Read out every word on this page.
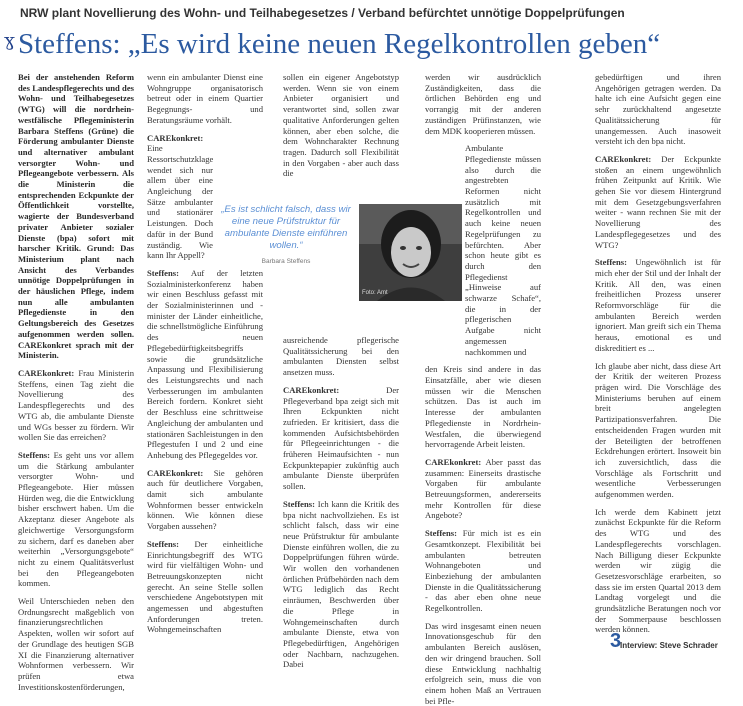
NRW plant Novellierung des Wohn- und Teilhabegesetzes / Verband befürchtet unnötige Doppelprüfungen
ɣ Steffens: „Es wird keine neuen Regelkontrollen geben“

Bei der anstehenden Reform des Landespflegerechts und des Wohn- und Teilhabegesetzes (WTG) will die nordrhein-westfälische Pflegeministerin Barbara Steffens (Grüne) die Förderung ambulanter Dienste und alternativer ambulant versorgter Wohn- und Pflegeangebote verbessern. Als die Ministerin die entsprechenden Eckpunkte der Öffentlichkeit vorstellte, wagierte der Bundesverband privater Anbieter sozialer Dienste (bpa) sofort mit harscher Kritik. Grund: Das Ministerium plant nach Ansicht des Verbandes unnötige Doppelprüfungen in der häuslichen Pflege, indem nun alle ambulanten Pflegedienste in den Geltungsbereich des Gesetzes aufgenommen werden sollen. CAREkonkret sprach mit der Ministerin.

CAREkonkret: Frau Ministerin Steffens, einen Tag zieht die Novellierung des Landespflegerechts und des WTG ab, die ambulante Dienste und WGs besser zu fördern. Wir wollen Sie das erreichen?

Steffens: Es geht uns vor allem um die Stärkung ambulanter versorgter Wohn- und Pflegeangebote. Hier müssen Hürden weg, die die Entwicklung bisher erschwert haben. Um die Akzeptanz dieser Angebote als gleichwertige Versorgungsform zu sichern, darf es daneben aber weiterhin „Versorgungsgebote“ nicht zu einem Qualitätsverlust bei den Pflegeangeboten kommen.

Weil Unterschieden neben den Ordnungsrecht maßgeblich von finanzierungsrechtlichen Aspekten, wollen wir sofort auf der Grundlage des heutigen SGB XI die Finanzierung alternativer Wohnformen verbessern. Wir prüfen etwa Investitionskostenförderungen,

wenn ein ambulanter Dienst eine Wohngruppe organisatorisch betreut oder in einem Quartier Begegnungs- und Beratungsräume vorhält.

CAREkonkret: Eine Ressortschutzklage wendet sich nur allem über eine Angleichung der Sätze ambulanter und stationärer Leistungen. Doch dafür in der Bund zuständig. Wie kann Ihr Appell?

Steffens: Auf der letzten Sozialministerkonferenz haben wir einen Beschluss gefasst mit der Sozialministerinnen und -minister der Länder einheitliche, die schnellstmögliche Einführung des neuen Pflegebedürftigkeitsbegriffs sowie die grundsätzliche Anpassung und Flexibilisierung des Leistungsrechts und nach Verbesserungen im ambulanten Bereich fordern. Konkret sieht der Beschluss eine schrittweise Angleichung der ambulanten und stationären Sachleistungen in den Pflegestufen I und 2 und eine Anhebung des Pflegegeldes vor.

CAREkonkret: Sie gehören auch für deutlichere Vorgaben, damit sich ambulante Wohnformen besser entwickeln können. Wie können diese Vorgaben aussehen?

Steffens: Der einheitliche Einrichtungsbegriff des WTG wird für vielfältigen Wohn- und Betreuungskonzepten nicht gerecht. An seine Stelle sollen verschiedene Angebotstypen mit angemessen und abgestuften Anforderungen treten. Wohngemeinschaften

sollen ein eigener Angebotstyp werden. Wenn sie von einem Anbieter organisiert und verantwortet sind, sollen zwar qualitative Anforderungen gelten können, aber eben solche, die dem Wohncharakter Rechnung tragen. Dadurch soll Flexibilität in den Vorgaben - aber auch dass die

ausreichende pflegerische Qualitätssicherung bei den ambulanten Diensten selbst ansetzen muss.

CAREkonkret: Der Pflegeverband bpa zeigt sich mit Ihren Eckpunkten nicht zufrieden. Er kritisiert, dass die kommenden Aufsichtsbehörden für Pflegeeinrichtungen - die früheren Heimaufsichten - nun Eckpunktepapier zukünftig auch ambulante Dienste überprüfen sollen.

Steffens: Ich kann die Kritik des bpa nicht nachvollziehen. Es ist schlicht falsch, dass wir eine neue Prüfstruktur für ambulante Dienste einführen wollen, die zu Doppelprüfungen führen würde. Wir wollen den vorhandenen örtlichen Prüfbehörden nach dem WTG lediglich das Recht einräumen, Beschwerden über die Pflege in Wohngemeinschaften durch ambulante Dienste, etwa von Pflegebedürftigen, Angehörigen oder Nachbarn, nachzugehen. Dabei

„Es ist schlicht falsch, dass wir eine neue Prüfstruktur für ambulante Dienste einführen wollen.“
Barbara Steffens
Foto: Amt

werden wir ausdrücklich Zuständigkeiten, dass die örtlichen Behörden eng und vorrangig mit der anderen zuständigen Prüfinstanzen, wie dem MDK kooperieren müssen.

Ambulante Pflegedienste müssen also durch die angestrebten Reformen nicht zusätzlich mit Regelkontrollen und auch keine neuen Regelprüfungen zu befürchten. Aber schon heute gibt es durch den Pflegedienst „Hinweise auf schwarze Schafe“, die in der pflegerischen Aufgabe nicht angemessen nachkommen und

den Kreis sind andere in das Einsatzfälle, aber wie diesen müssen wir die Menschen schützen. Das ist auch im Interesse der ambulanten Pflegedienste in Nordrhein-Westfalen, die überwiegend hervorragende Arbeit leisten.

CAREkonkret: Aber passt das zusammen: Einerseits drastische Vorgaben für ambulante Betreuungsformen, andererseits mehr Kontrollen für diese Angebote?

Steffens: Für mich ist es ein Gesamtkonzept. Flexibilität bei ambulanten betreuten Wohnangeboten und Einbeziehung der ambulanten Dienste in die Qualitätssicherung - das aber eben ohne neue Regelkontrollen.

Das wird insgesamt einen neuen Innovationsgeschub für den ambulanten Bereich auslösen, den wir dringend brauchen. Soll diese Entwicklung nachhaltig erfolgreich sein, muss die von einem hohen Maß an Vertrauen bei Pfle-

gebedürftigen und ihren Angehörigen getragen werden. Da halte ich eine Aufsicht gegen eine sehr zurückhaltend angesetzte Qualitätssicherung für unangemessen. Auch inasoweit versteht ich den bpa nicht.

CAREkonkret: Der Eckpunkte stoßen an einem ungewöhnlich frühen Zeitpunkt auf Kritik. Wie gehen Sie vor diesem Hintergrund mit dem Gesetzgebungsverfahren weiter - wann rechnen Sie mit der Novellierung des Landespflegegesetzes und des WTG?

Steffens: Ungewöhnlich ist für mich eher der Stil und der Inhalt der Kritik. All den, was einen freiheitlichen Prozess unserer Reformvorschläge für die ambulanten Bereich werden ignoriert. Man greift sich ein Thema heraus, emotional es und diskreditiert es ...

Ich glaube aber nicht, dass diese Art der Kritik der weiteren Prozess prägen wird. Die Vorschläge des Ministeriums beruhen auf einem breit angelegten Partizipationsverfahren. Die entscheidenden Fragen wurden mit der Beteiligten der betroffenen Eckdrehungen erörtert. Insoweit bin ich zuversichtlich, dass die Vorschläge als Fortschritt und wesentliche Verbesserungen aufgenommen werden.

Ich werde dem Kabinett jetzt zunächst Eckpunkte für die Reform des WTG und des Landespflegerechts vorschlagen. Nach Billigung dieser Eckpunkte werden wir zügig die Gesetzesvorschläge erarbeiten, so dass sie im ersten Quartal 2013 dem Landtag vorgelegt und die grundsätzliche Beratungen noch vor der Sommerpause beschlossen werden können.

3
Interview: Steve Schrader
